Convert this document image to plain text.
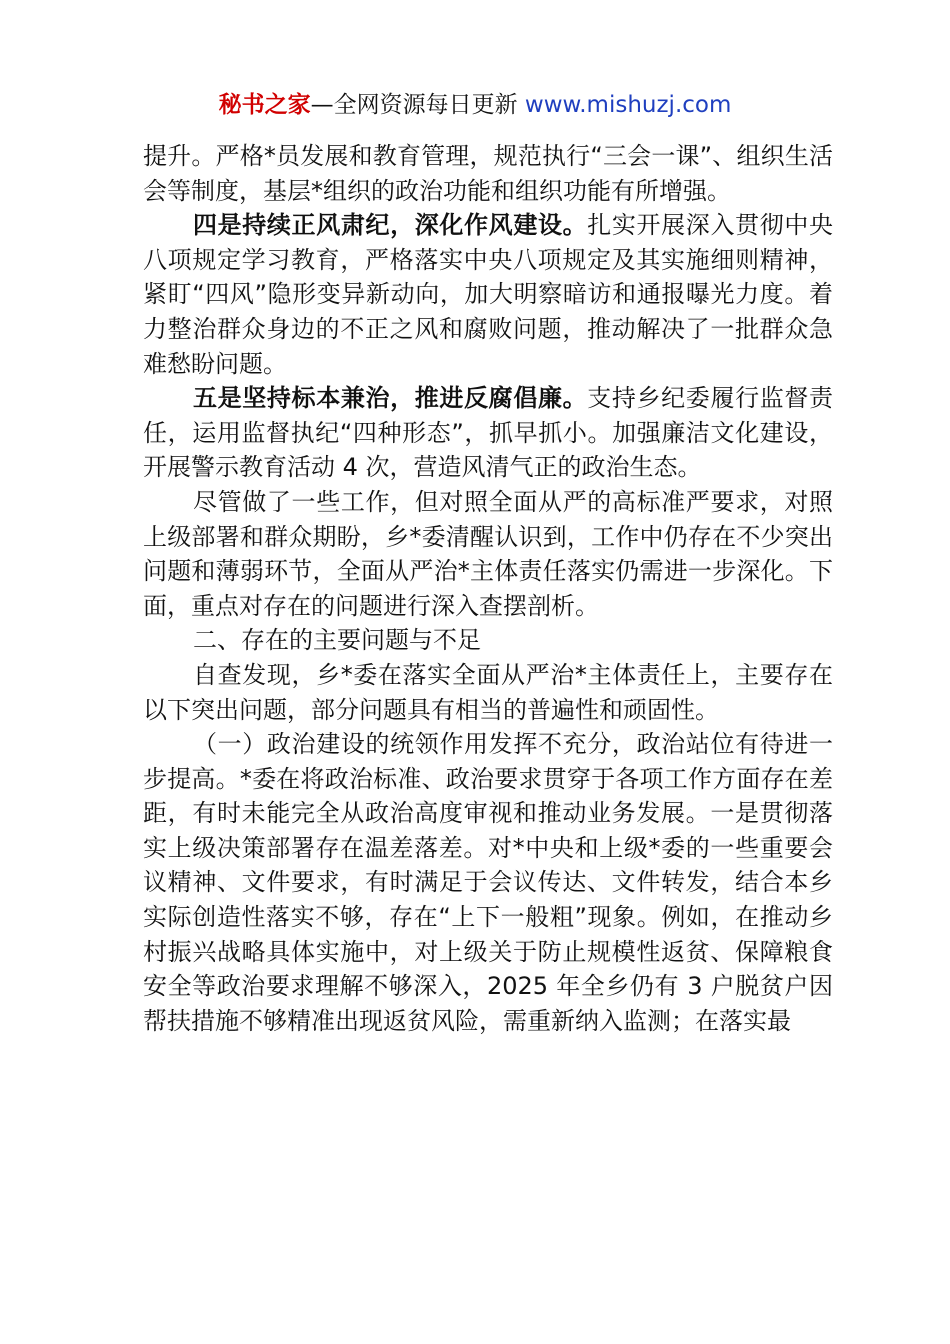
秘书之家—全网资源每日更新 www.mishuzj.com

提升。严格*员发展和教育管理，规范执行“三会一课”、组织生活会等制度，基层*组织的政治功能和组织功能有所增强。

四是持续正风肃纪，深化作风建设。扎实开展深入贯彻中央八项规定学习教育，严格落实中央八项规定及其实施细则精神，紧盯“四风”隐形变异新动向，加大明察暗访和通报曝光力度。着力整治群众身边的不正之风和腐败问题，推动解决了一批群众急难愁盼问题。

五是坚持标本兼治，推进反腐倡廉。支持乡纪委履行监督责任，运用监督执纪“四种形态”，抓早抓小。加强廉洁文化建设，开展警示教育活动 4 次，营造风清气正的政治生态。

尽管做了一些工作，但对照全面从严的高标准严要求，对照上级部署和群众期盼，乡*委清醒认识到，工作中仍存在不少突出问题和薄弱环节，全面从严治*主体责任落实仍需进一步深化。下面，重点对存在的问题进行深入查摆剖析。

二、存在的主要问题与不足

自查发现，乡*委在落实全面从严治*主体责任上，主要存在以下突出问题，部分问题具有相当的普遍性和顽固性。

（一）政治建设的统领作用发挥不充分，政治站位有待进一步提高。*委在将政治标准、政治要求贯穿于各项工作方面存在差距，有时未能完全从政治高度审视和推动业务发展。一是贯彻落实上级决策部署存在温差落差。对*中央和上级*委的一些重要会议精神、文件要求，有时满足于会议传达、文件转发，结合本乡实际创造性落实不够，存在“上下一般粗”现象。例如，在推动乡村振兴战略具体实施中，对上级关于防止规模性返贫、保障粮食安全等政治要求理解不够深入，2025 年全乡仍有 3 户脱贫户因帮扶措施不够精准出现返贫风险，需重新纳入监测；在落实最
